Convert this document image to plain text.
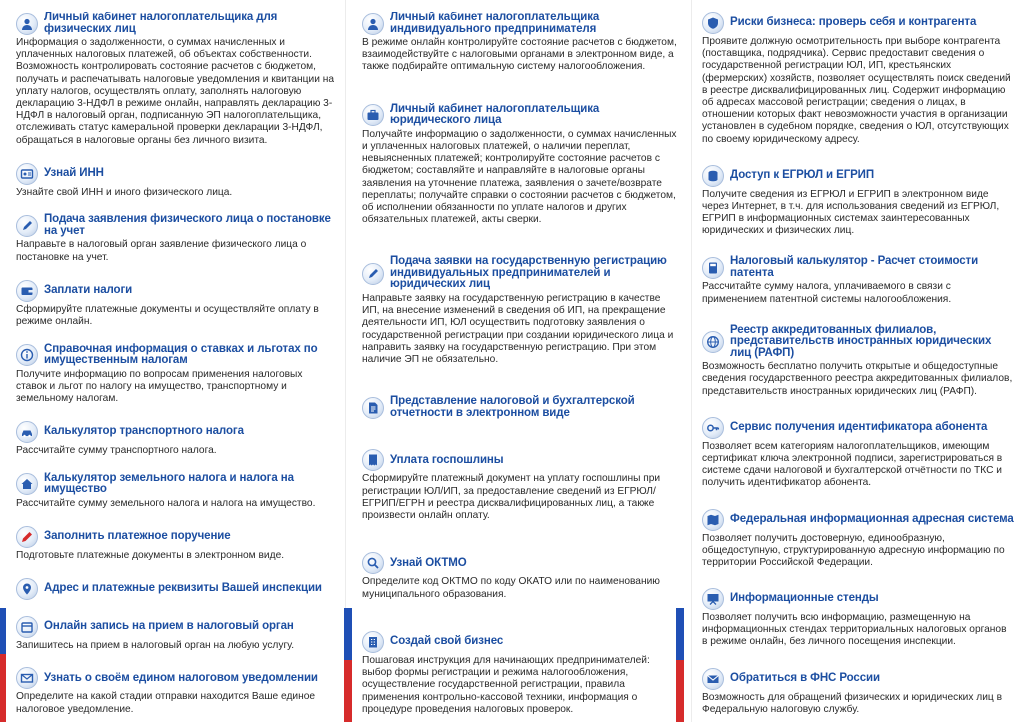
Личный кабинет налогоплательщика для физических лиц
Информация о задолженности, о суммах начисленных и уплаченных налоговых платежей, об объектах собственности. Возможность контролировать состояние расчетов с бюджетом, получать и распечатывать налоговые уведомления и квитанции на уплату налогов, осуществлять оплату, заполнять налоговую декларацию 3-НДФЛ в режиме онлайн, направлять декларацию 3-НДФЛ в налоговый орган, подписанную ЭП налогоплательщика, отслеживать статус камеральной проверки декларации 3-НДФЛ, обращаться в налоговые органы без личного визита.
Узнай ИНН
Узнайте свой ИНН и иного физического лица.
Подача заявления физического лица о постановке на учет
Направьте в налоговый орган заявление физического лица о постановке на учет.
Заплати налоги
Сформируйте платежные документы и осуществляйте оплату в режиме онлайн.
Справочная информация о ставках и льготах по имущественным налогам
Получите информацию по вопросам применения налоговых ставок и льгот по налогу на имущество, транспортному и земельному налогам.
Калькулятор транспортного налога
Рассчитайте сумму транспортного налога.
Калькулятор земельного налога и налога на имущество
Рассчитайте сумму земельного налога и налога на имущество.
Заполнить платежное поручение
Подготовьте платежные документы в электронном виде.
Адрес и платежные реквизиты Вашей инспекции
Онлайн запись на прием в налоговый орган
Запишитесь на прием в налоговый орган на любую услугу.
Узнать о своём едином налоговом уведомлении
Определите на какой стадии отправки находится Ваше единое налоговое уведомление.
Личный кабинет налогоплательщика индивидуального предпринимателя
В режиме онлайн контролируйте состояние расчетов с бюджетом, взаимодействуйте с налоговыми органами в электронном виде, а также подбирайте оптимальную систему налогообложения.
Личный кабинет налогоплательщика юридического лица
Получайте информацию о задолженности, о суммах начисленных и уплаченных налоговых платежей, о наличии переплат, невыясненных платежей; контролируйте состояние расчетов с бюджетом; составляйте и направляйте в налоговые органы заявления на уточнение платежа, заявления о зачете/возврате переплаты; получайте справки о состоянии расчетов с бюджетом, об исполнении обязанности по уплате налогов и других обязательных платежей, акты сверки.
Подача заявки на государственную регистрацию индивидуальных предпринимателей и юридических лиц
Направьте заявку на государственную регистрацию в качестве ИП, на внесение изменений в сведения об ИП, на прекращение деятельности ИП, ЮЛ осуществить подготовку заявления о государственной регистрации при создании юридического лица и направить заявку на государственную регистрацию. При этом наличие ЭП не обязательно.
Представление налоговой и бухгалтерской отчетности в электронном виде
Уплата госпошлины
Сформируйте платежный документ на уплату госпошлины при регистрации ЮЛ/ИП, за предоставление сведений из ЕГРЮЛ/ЕГРИП/ЕГРН и реестра дисквалифицированных лиц, а также произвести онлайн оплату.
Узнай ОКТМО
Определите код ОКТМО по коду ОКАТО или по наименованию муниципального образования.
Создай свой бизнес
Пошаговая инструкция для начинающих предпринимателей: выбор формы регистрации и режима налогообложения, осуществление государственной регистрации, правила применения контрольно-кассовой техники, информация о процедуре проведения налоговых проверок.
Риски бизнеса: проверь себя и контрагента
Проявите должную осмотрительность при выборе контрагента (поставщика, подрядчика). Сервис предоставит сведения о государственной регистрации ЮЛ, ИП, крестьянских (фермерских) хозяйств, позволяет осуществлять поиск сведений в реестре дисквалифицированных лиц. Содержит информацию об адресах массовой регистрации; сведения о лицах, в отношении которых факт невозможности участия в организации установлен в судебном порядке, сведения о ЮЛ, отсутствующих по своему юридическому адресу.
Доступ к ЕГРЮЛ и ЕГРИП
Получите сведения из ЕГРЮЛ и ЕГРИП в электронном виде через Интернет, в т.ч. для использования сведений из ЕГРЮЛ, ЕГРИП в информационных системах заинтересованных юридических и физических лиц.
Налоговый калькулятор - Расчет стоимости патента
Рассчитайте сумму налога, уплачиваемого в связи с применением патентной системы налогообложения.
Реестр аккредитованных филиалов, представительств иностранных юридических лиц (РАФП)
Возможность бесплатно получить открытые и общедоступные сведения государственного реестра аккредитованных филиалов, представительств иностранных юридических лиц (РАФП).
Сервис получения идентификатора абонента
Позволяет всем категориям налогоплательщиков, имеющим сертификат ключа электронной подписи, зарегистрироваться в системе сдачи налоговой и бухгалтерской отчётности по ТКС и получить идентификатор абонента.
Федеральная информационная адресная система
Позволяет получить достоверную, единообразную, общедоступную, структурированную адресную информацию по территории Российской Федерации.
Информационные стенды
Позволяет получить всю информацию, размещенную на информационных стендах территориальных налоговых органов в режиме онлайн, без личного посещения инспекции.
Обратиться в ФНС России
Возможность для обращений физических и юридических лиц в Федеральную налоговую службу.
